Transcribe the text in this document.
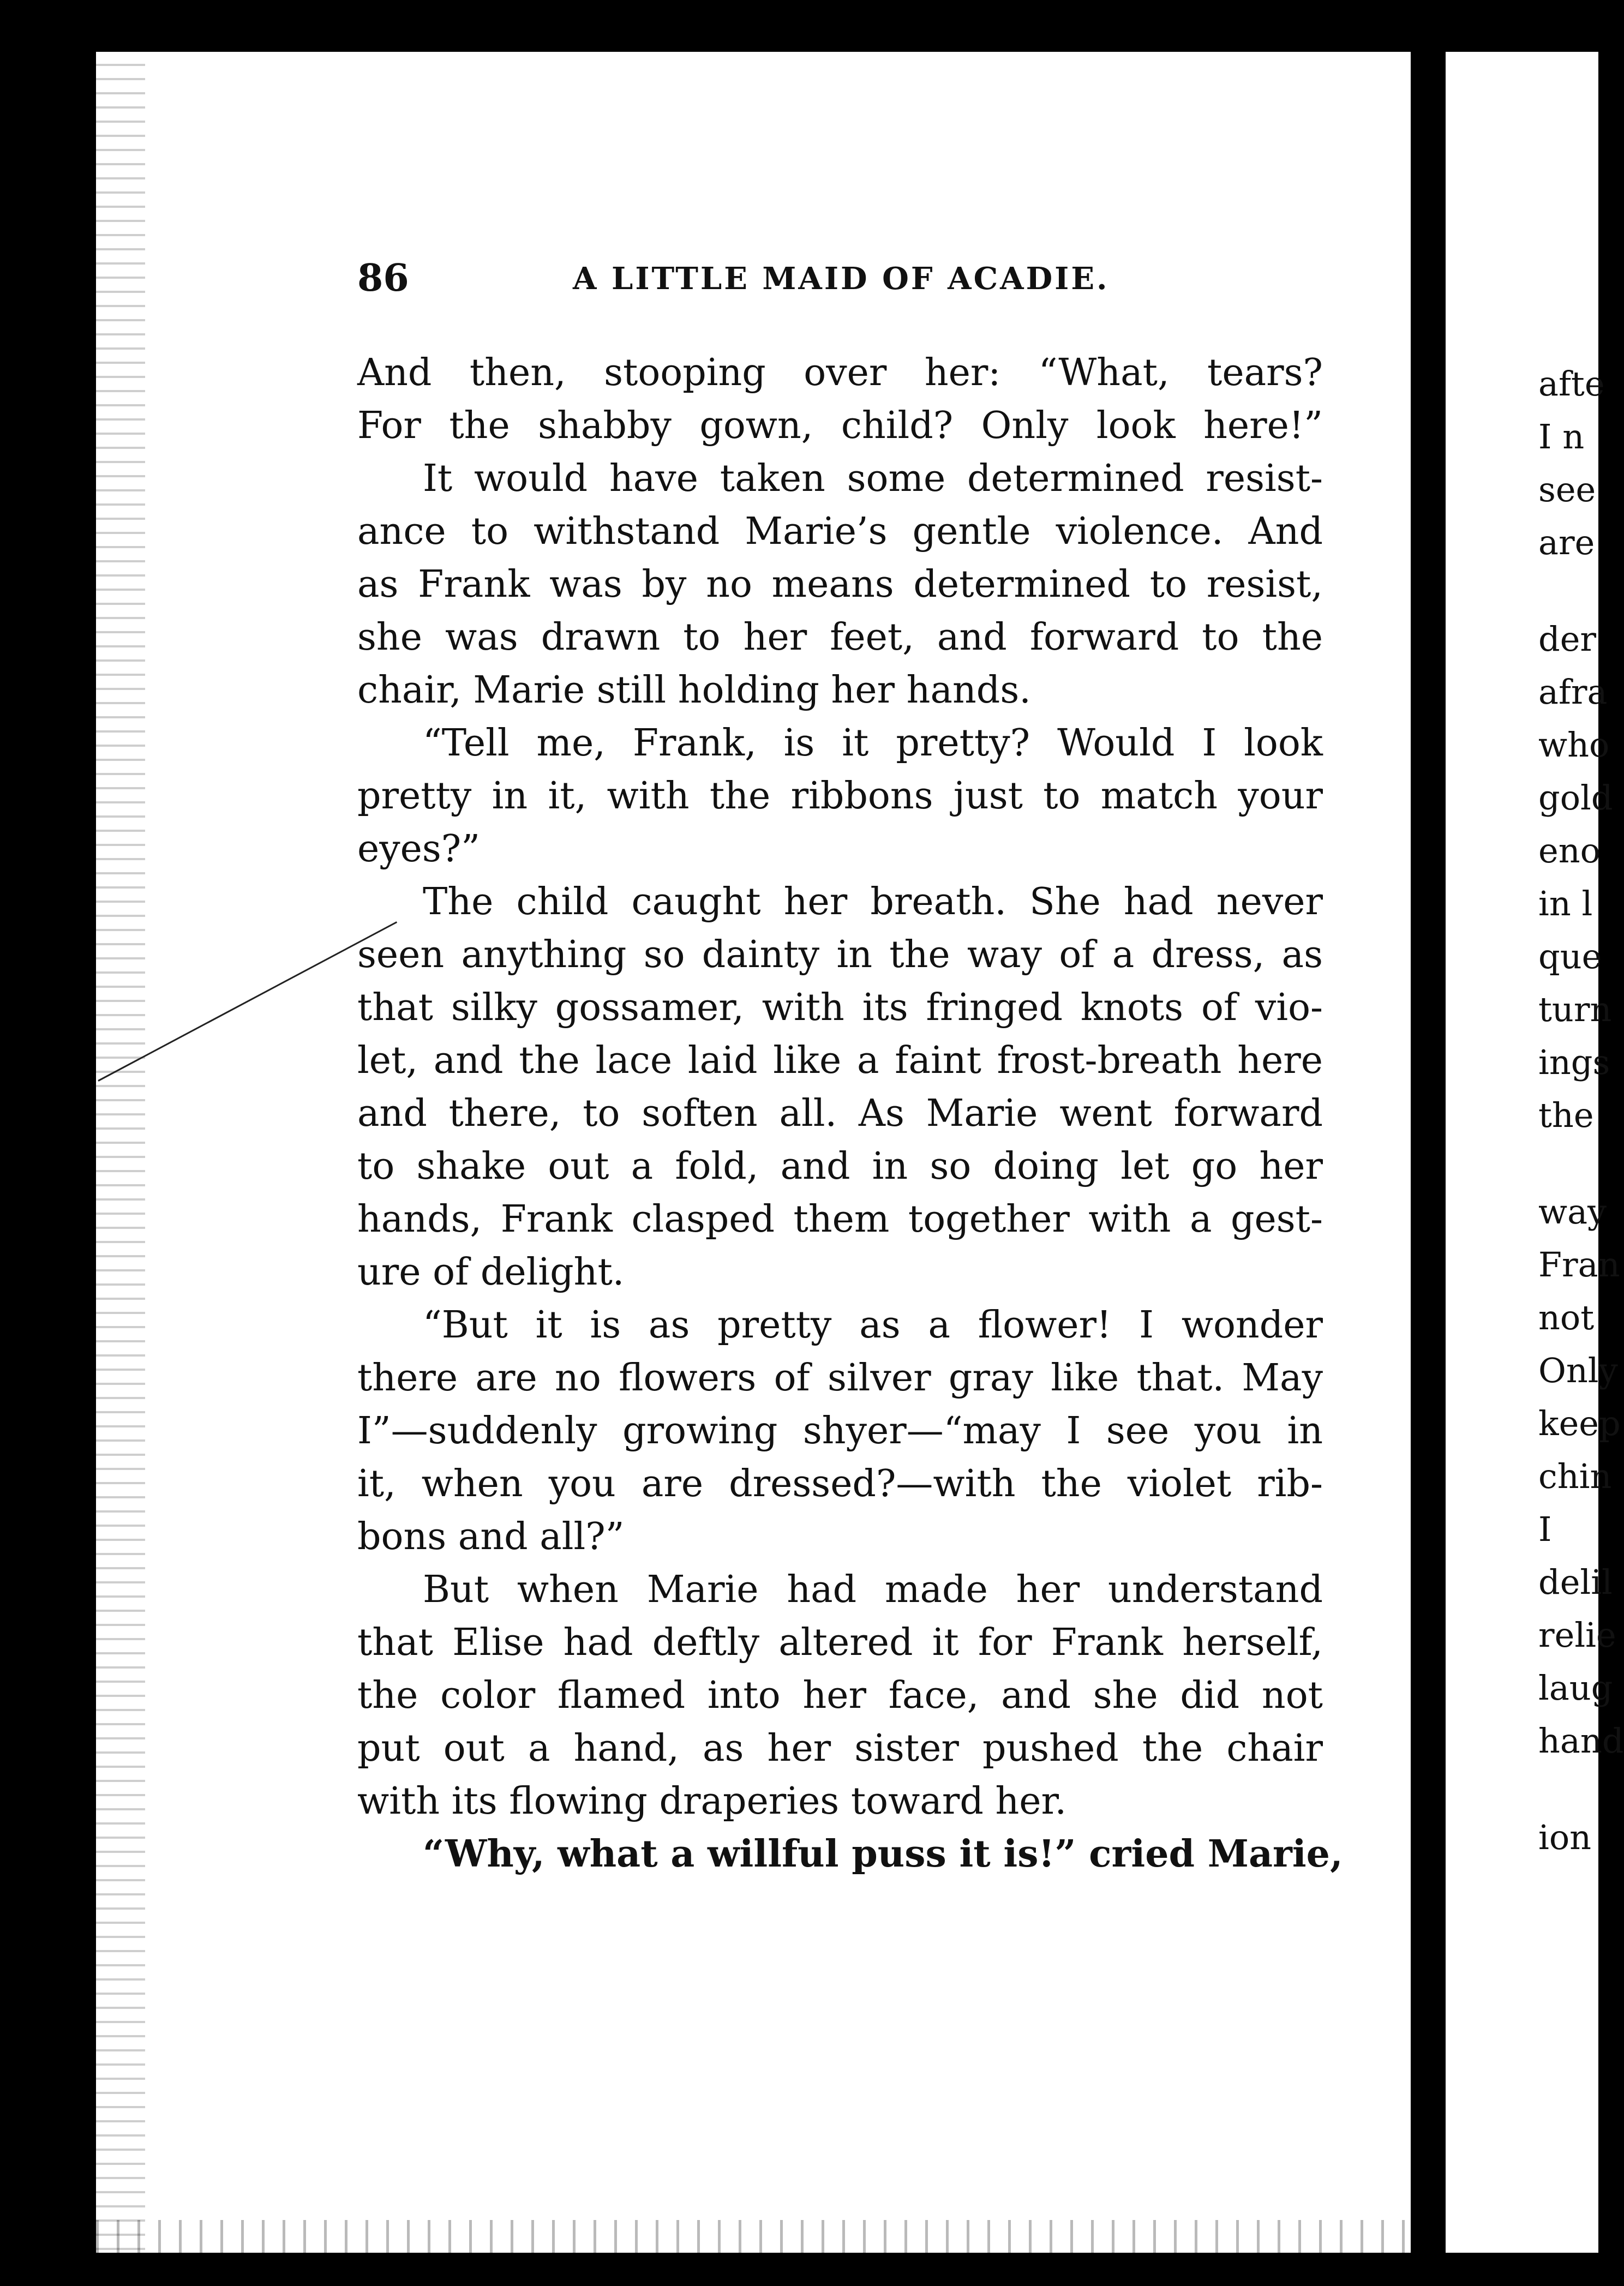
86	A LITTLE MAID OF ACADIE.
And then, stooping over her: “What, tears?
For the shabby gown, child? Only look here!”
It would have taken some determined resist-
ance to withstand Marie’s gentle violence. And
as Frank was by no means determined to resist,
she was drawn to her feet, and forward to the
chair, Marie still holding her hands.
“Tell me, Frank, is it pretty? Would I look
pretty in it, with the ribbons just to match your
eyes?”
The child caught her breath. She had never
seen anything so dainty in the way of a dress, as
that silky gossamer, with its fringed knots of vio-
let, and the lace laid like a faint frost-breath here
and there, to soften all. As Marie went forward
to shake out a fold, and in so doing let go her
hands, Frank clasped them together with a gest-
ure of delight.
“But it is as pretty as a flower! I wonder
there are no flowers of silver gray like that. May
I”—suddenly growing shyer—“may I see you in
it, when you are dressed?—with the violet rib-
bons and all?”
But when Marie had made her understand
that Elise had deftly altered it for Frank herself,
the color flamed into her face, and she did not
put out a hand, as her sister pushed the chair
with its flowing draperies toward her.
“Why, what a willful puss it is!” cried Marie,
afte
I n
see
are
der
afra
who
gold
eno
in l
que
turn
ings
the
way
Fran
not
Only
keep
chin
I
delil
relie
laug
hand
ion
